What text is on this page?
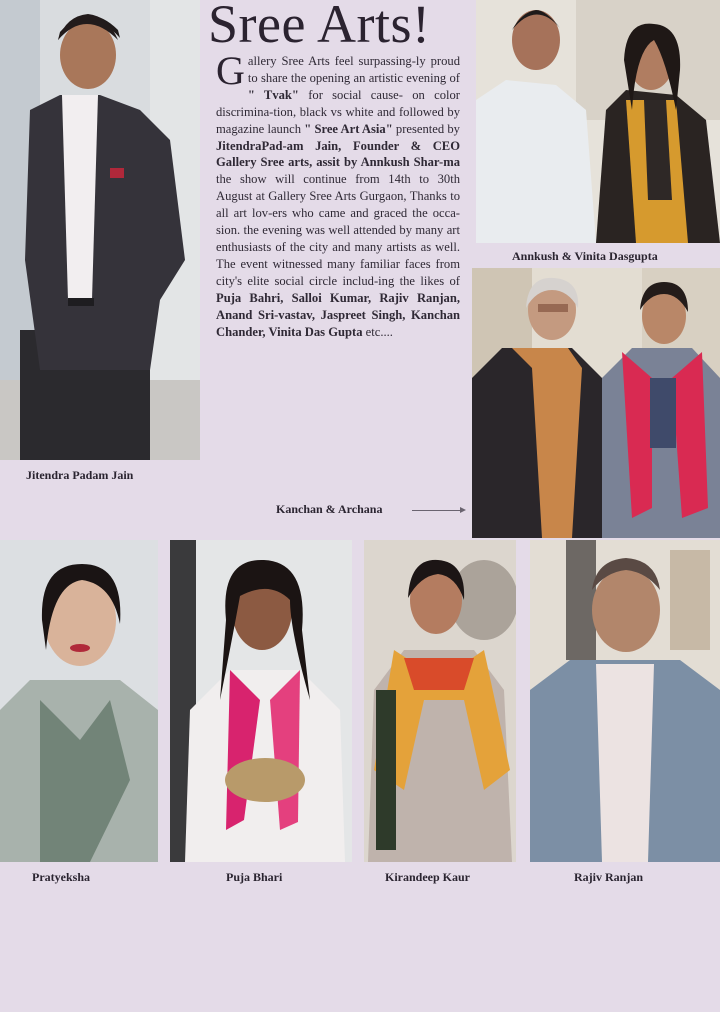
Sree Arts!
Gallery Sree Arts feel surpassing-ly proud to share the opening an artistic evening of " Tvak" for social cause- on color discrimina-tion, black vs white and followed by magazine launch " Sree Art Asia" presented by JitendraPad-am Jain, Founder & CEO Gallery Sree arts, assit by Annkush Shar-ma the show will continue from 14th to 30th August at Gallery Sree Arts Gurgaon, Thanks to all art lov-ers who came and graced the occa-sion. the evening was well attended by many art enthusiasts of the city and many artists as well. The event witnessed many familiar faces from city's elite social circle includ-ing the likes of Puja Bahri, Salloi Kumar, Rajiv Ranjan, Anand Sri-vastav, Jaspreet Singh, Kanchan Chander, Vinita Das Gupta etc....
Annkush & Vinita Dasgupta
Kanchan & Archana
Jitendra Padam Jain
Pratyeksha	Puja Bhari	Kirandeep Kaur	Rajiv Ranjan
